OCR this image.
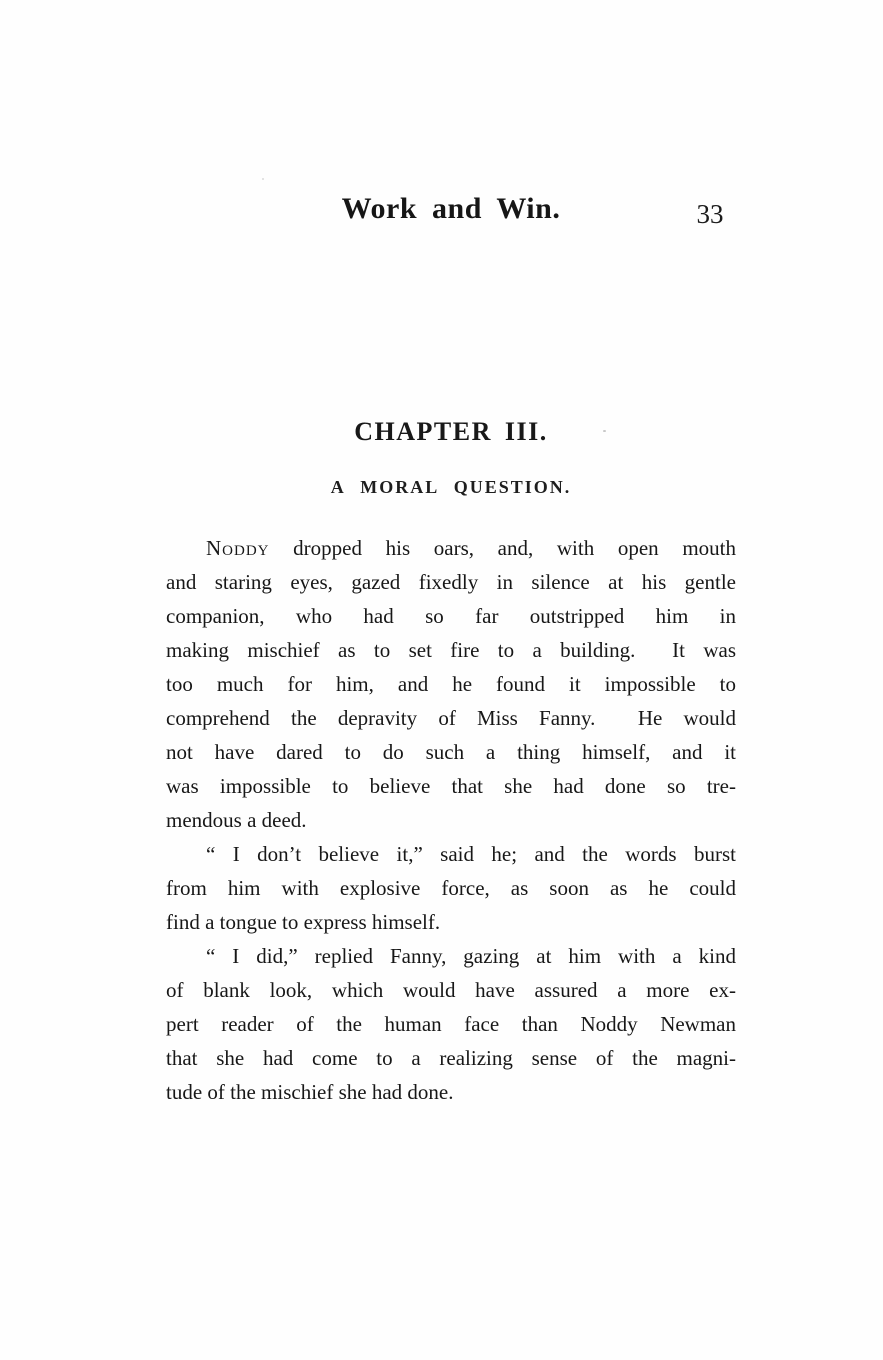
Work and Win.	33
CHAPTER III.
A MORAL QUESTION.
Noddy dropped his oars, and, with open mouth
and staring eyes, gazed fixedly in silence at his gentle
companion, who had so far outstripped him in
making mischief as to set fire to a building.  It was
too much for him, and he found it impossible to
comprehend the depravity of Miss Fanny.  He would
not have dared to do such a thing himself, and it
was impossible to believe that she had done so tre-
mendous a deed.
“ I don’t believe it,” said he; and the words burst
from him with explosive force, as soon as he could
find a tongue to express himself.
“ I did,” replied Fanny, gazing at him with a kind
of blank look, which would have assured a more ex-
pert reader of the human face than Noddy Newman
that she had come to a realizing sense of the magni-
tude of the mischief she had done.
